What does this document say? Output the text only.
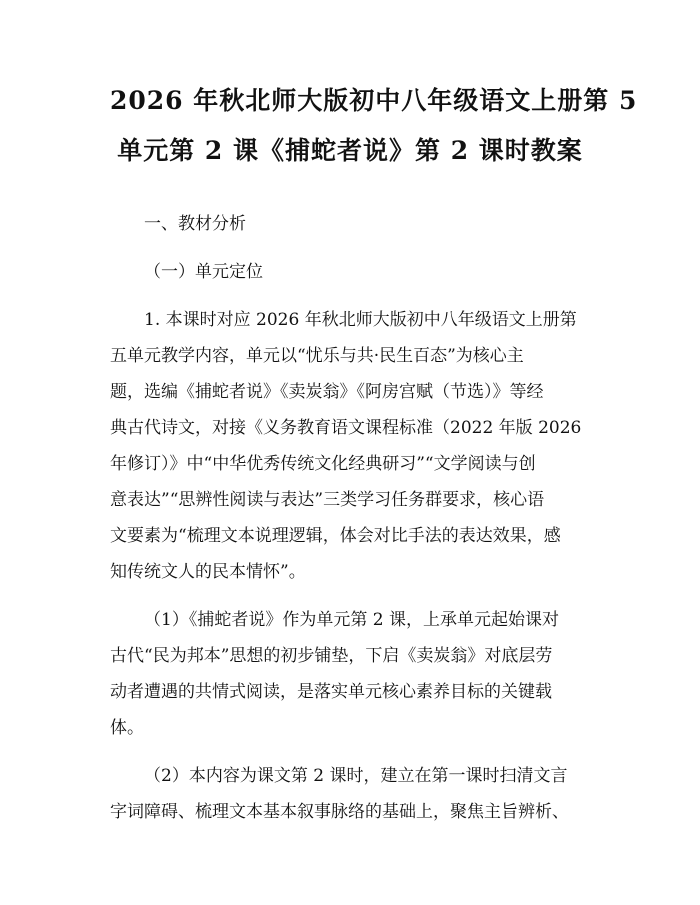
2026 年秋北师大版初中八年级语文上册第 5
单元第 2 课《捕蛇者说》第 2 课时教案

一、教材分析

（一）单元定位

1. 本课时对应 2026 年秋北师大版初中八年级语文上册第
五单元教学内容，单元以“忧乐与共·民生百态”为核心主
题，选编《捕蛇者说》《卖炭翁》《阿房宫赋（节选）》等经
典古代诗文，对接《义务教育语文课程标准（2022 年版 2026
年修订）》中“中华优秀传统文化经典研习”“文学阅读与创
意表达”“思辨性阅读与表达”三类学习任务群要求，核心语
文要素为“梳理文本说理逻辑，体会对比手法的表达效果，感
知传统文人的民本情怀”。
（1）《捕蛇者说》作为单元第 2 课，上承单元起始课对
古代“民为邦本”思想的初步铺垫，下启《卖炭翁》对底层劳
动者遭遇的共情式阅读，是落实单元核心素养目标的关键载
体。
（2）本内容为课文第 2 课时，建立在第一课时扫清文言
字词障碍、梳理文本基本叙事脉络的基础上，聚焦主旨辨析、
